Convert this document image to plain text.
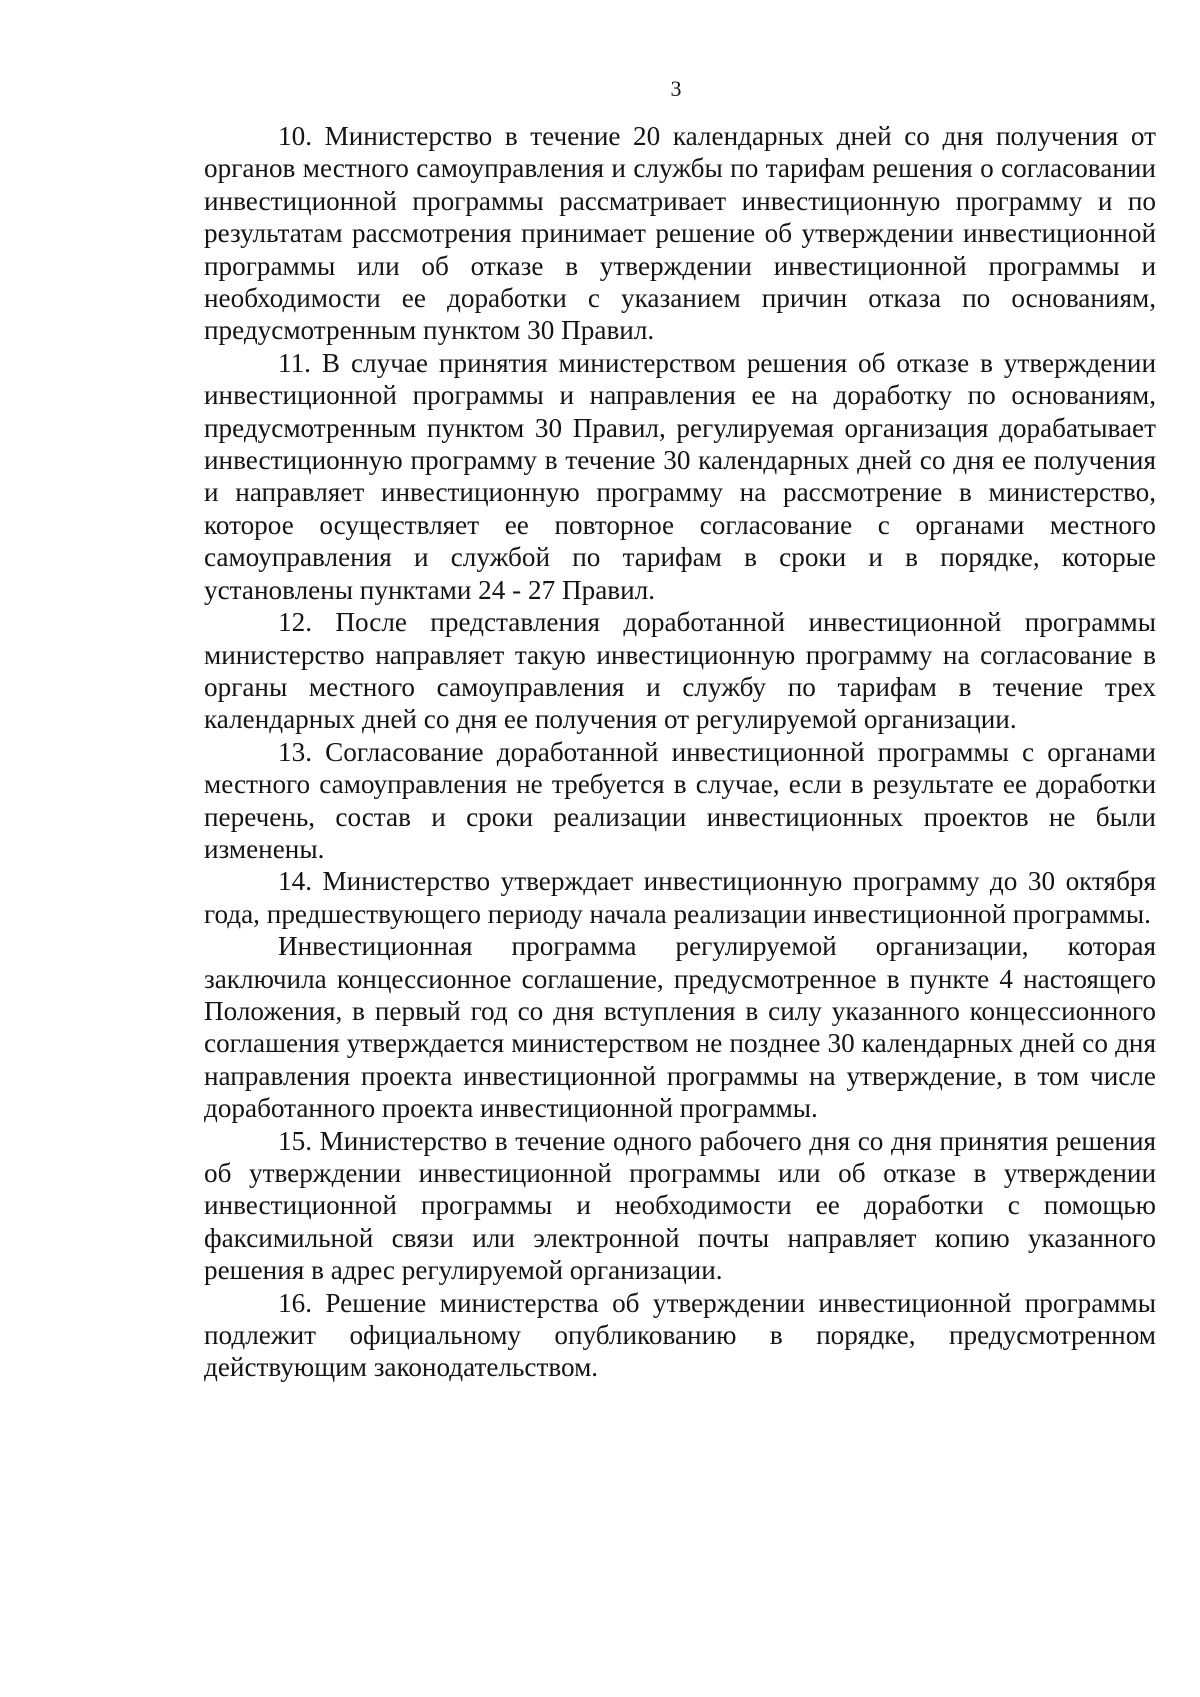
3

10. Министерство в течение 20 календарных дней со дня получения от органов местного самоуправления и службы по тарифам решения о согласовании инвестиционной программы рассматривает инвестиционную программу и по результатам рассмотрения принимает решение об утверждении инвестиционной программы или об отказе в утверждении инвестиционной программы и необходимости ее доработки с указанием причин отказа по основаниям, предусмотренным пунктом 30 Правил.

11. В случае принятия министерством решения об отказе в утверждении инвестиционной программы и направления ее на доработку по основаниям, предусмотренным пунктом 30 Правил, регулируемая организация дорабатывает инвестиционную программу в течение 30 календарных дней со дня ее получения и направляет инвестиционную программу на рассмотрение в министерство, которое осуществляет ее повторное согласование с органами местного самоуправления и службой по тарифам в сроки и в порядке, которые установлены пунктами 24 - 27 Правил.

12. После представления доработанной инвестиционной программы министерство направляет такую инвестиционную программу на согласование в органы местного самоуправления и службу по тарифам в течение трех календарных дней со дня ее получения от регулируемой организации.

13. Согласование доработанной инвестиционной программы с органами местного самоуправления не требуется в случае, если в результате ее доработки перечень, состав и сроки реализации инвестиционных проектов не были изменены.

14. Министерство утверждает инвестиционную программу до 30 октября года, предшествующего периоду начала реализации инвестиционной программы.

Инвестиционная программа регулируемой организации, которая заключила концессионное соглашение, предусмотренное в пункте 4 настоящего Положения, в первый год со дня вступления в силу указанного концессионного соглашения утверждается министерством не позднее 30 календарных дней со дня направления проекта инвестиционной программы на утверждение, в том числе доработанного проекта инвестиционной программы.

15. Министерство в течение одного рабочего дня со дня принятия решения об утверждении инвестиционной программы или об отказе в утверждении инвестиционной программы и необходимости ее доработки с помощью факсимильной связи или электронной почты направляет копию указанного решения в адрес регулируемой организации.

16. Решение министерства об утверждении инвестиционной программы подлежит официальному опубликованию в порядке, предусмотренном действующим законодательством.
